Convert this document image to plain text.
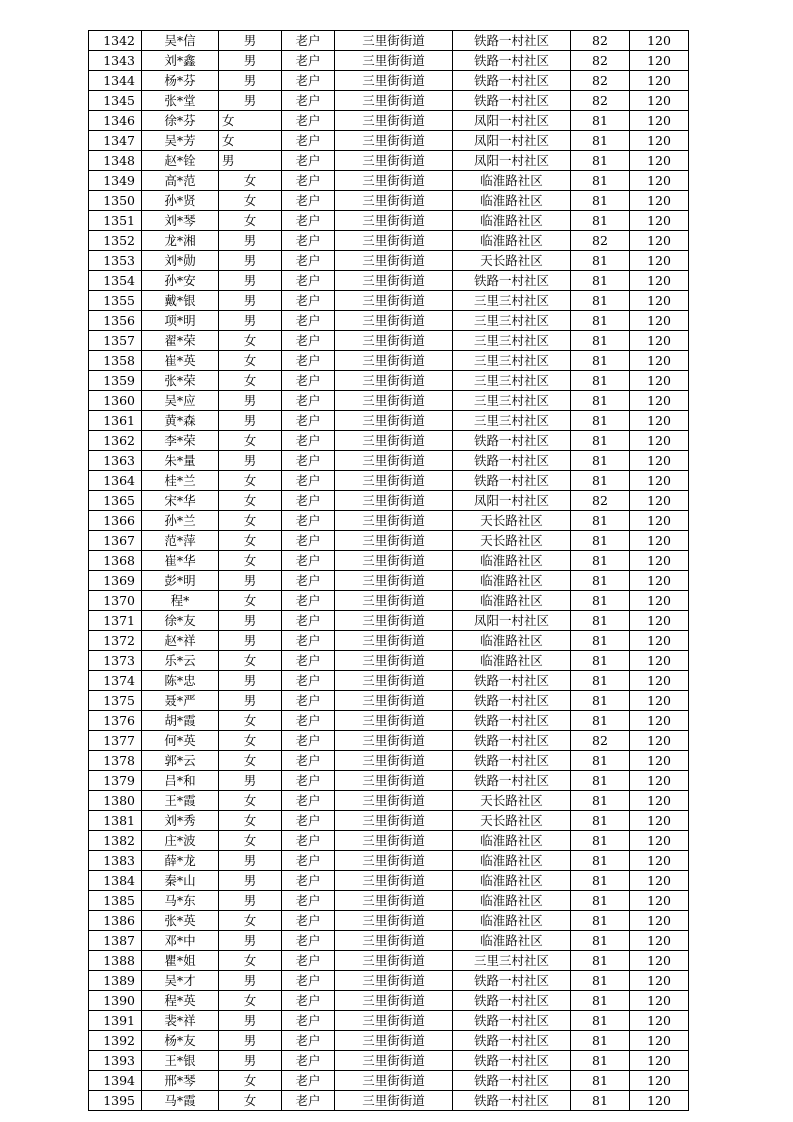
1342	吴*信	男	老户	三里街街道	铁路一村社区	82	120
1343	刘*鑫	男	老户	三里街街道	铁路一村社区	82	120
1344	杨*芬	男	老户	三里街街道	铁路一村社区	82	120
1345	张*堂	男	老户	三里街街道	铁路一村社区	82	120
1346	徐*芬	女	老户	三里街街道	凤阳一村社区	81	120
1347	吴*芳	女	老户	三里街街道	凤阳一村社区	81	120
1348	赵*铨	男	老户	三里街街道	凤阳一村社区	81	120
1349	高*范	女	老户	三里街街道	临淮路社区	81	120
1350	孙*贤	女	老户	三里街街道	临淮路社区	81	120
1351	刘*琴	女	老户	三里街街道	临淮路社区	81	120
1352	龙*湘	男	老户	三里街街道	临淮路社区	82	120
1353	刘*勋	男	老户	三里街街道	天长路社区	81	120
1354	孙*安	男	老户	三里街街道	铁路一村社区	81	120
1355	戴*银	男	老户	三里街街道	三里三村社区	81	120
1356	项*明	男	老户	三里街街道	三里三村社区	81	120
1357	翟*荣	女	老户	三里街街道	三里三村社区	81	120
1358	崔*英	女	老户	三里街街道	三里三村社区	81	120
1359	张*荣	女	老户	三里街街道	三里三村社区	81	120
1360	吴*应	男	老户	三里街街道	三里三村社区	81	120
1361	黄*森	男	老户	三里街街道	三里三村社区	81	120
1362	李*荣	女	老户	三里街街道	铁路一村社区	81	120
1363	朱*量	男	老户	三里街街道	铁路一村社区	81	120
1364	桂*兰	女	老户	三里街街道	铁路一村社区	81	120
1365	宋*华	女	老户	三里街街道	凤阳一村社区	82	120
1366	孙*兰	女	老户	三里街街道	天长路社区	81	120
1367	范*萍	女	老户	三里街街道	天长路社区	81	120
1368	崔*华	女	老户	三里街街道	临淮路社区	81	120
1369	彭*明	男	老户	三里街街道	临淮路社区	81	120
1370	程*	女	老户	三里街街道	临淮路社区	81	120
1371	徐*友	男	老户	三里街街道	凤阳一村社区	81	120
1372	赵*祥	男	老户	三里街街道	临淮路社区	81	120
1373	乐*云	女	老户	三里街街道	临淮路社区	81	120
1374	陈*忠	男	老户	三里街街道	铁路一村社区	81	120
1375	聂*严	男	老户	三里街街道	铁路一村社区	81	120
1376	胡*霞	女	老户	三里街街道	铁路一村社区	81	120
1377	何*英	女	老户	三里街街道	铁路一村社区	82	120
1378	郭*云	女	老户	三里街街道	铁路一村社区	81	120
1379	吕*和	男	老户	三里街街道	铁路一村社区	81	120
1380	王*霞	女	老户	三里街街道	天长路社区	81	120
1381	刘*秀	女	老户	三里街街道	天长路社区	81	120
1382	庄*波	女	老户	三里街街道	临淮路社区	81	120
1383	薛*龙	男	老户	三里街街道	临淮路社区	81	120
1384	秦*山	男	老户	三里街街道	临淮路社区	81	120
1385	马*东	男	老户	三里街街道	临淮路社区	81	120
1386	张*英	女	老户	三里街街道	临淮路社区	81	120
1387	邓*中	男	老户	三里街街道	临淮路社区	81	120
1388	瞿*姐	女	老户	三里街街道	三里三村社区	81	120
1389	吴*才	男	老户	三里街街道	铁路一村社区	81	120
1390	程*英	女	老户	三里街街道	铁路一村社区	81	120
1391	裴*祥	男	老户	三里街街道	铁路一村社区	81	120
1392	杨*友	男	老户	三里街街道	铁路一村社区	81	120
1393	王*银	男	老户	三里街街道	铁路一村社区	81	120
1394	邢*琴	女	老户	三里街街道	铁路一村社区	81	120
1395	马*霞	女	老户	三里街街道	铁路一村社区	81	120
